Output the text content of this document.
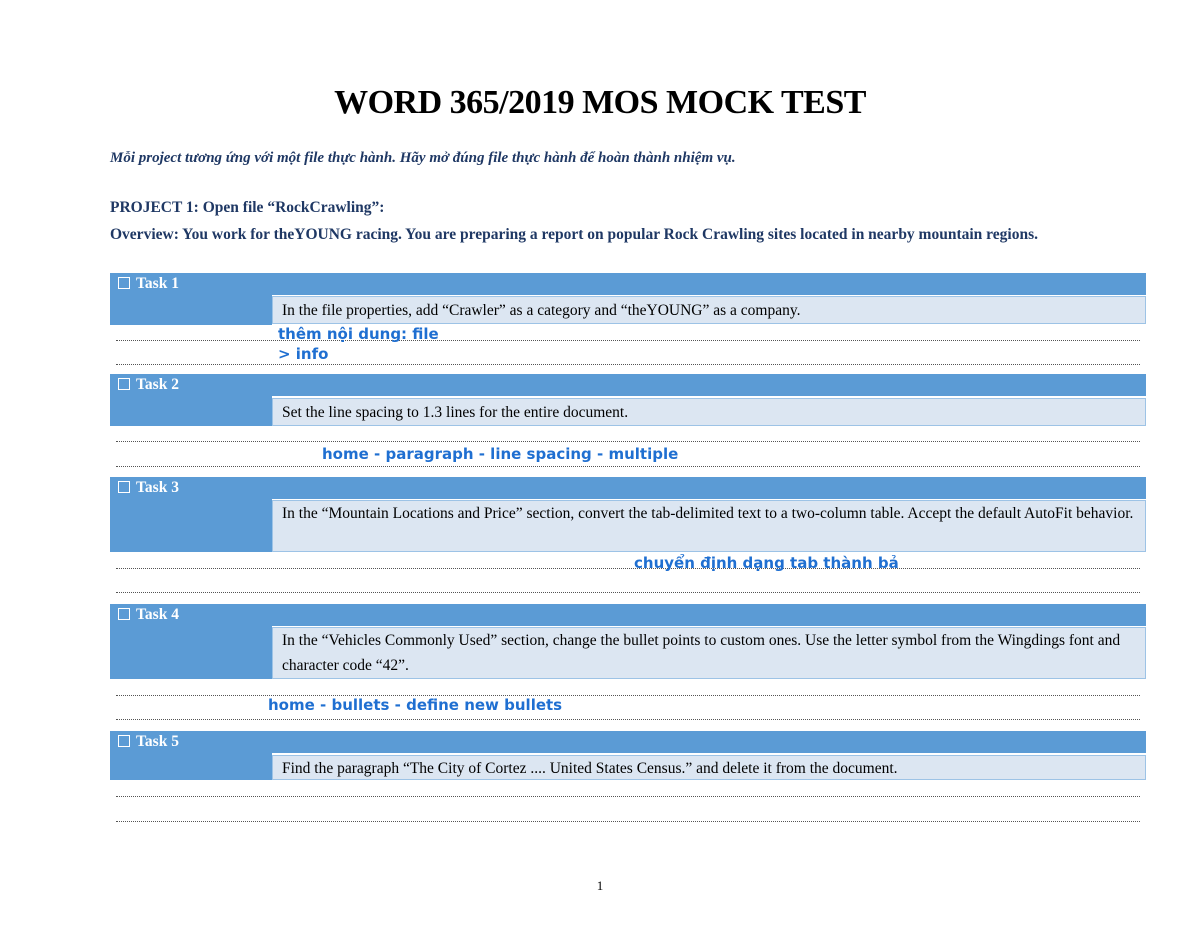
WORD 365/2019 MOS MOCK TEST
Mỗi project tương ứng với một file thực hành. Hãy mở đúng file thực hành để hoàn thành nhiệm vụ.
PROJECT 1: Open file “RockCrawling”:
Overview: You work for theYOUNG racing. You are preparing a report on popular Rock Crawling sites located in nearby mountain regions.
Task 1
In the file properties, add “Crawler” as a category and “theYOUNG” as a company.
thêm nội dung: file
> info
Task 2
Set the line spacing to 1.3 lines for the entire document.
home - paragraph - line spacing - multiple
Task 3
In the “Mountain Locations and Price” section, convert the tab-delimited text to a two-column table. Accept the default AutoFit behavior.
chuyển định dạng tab thành bả
Task 4
In the “Vehicles Commonly Used” section, change the bullet points to custom ones. Use the letter symbol from the Wingdings font and character code “42”.
home - bullets - define new bullets
Task 5
Find the paragraph “The City of Cortez .... United States Census.” and delete it from the document.
1
